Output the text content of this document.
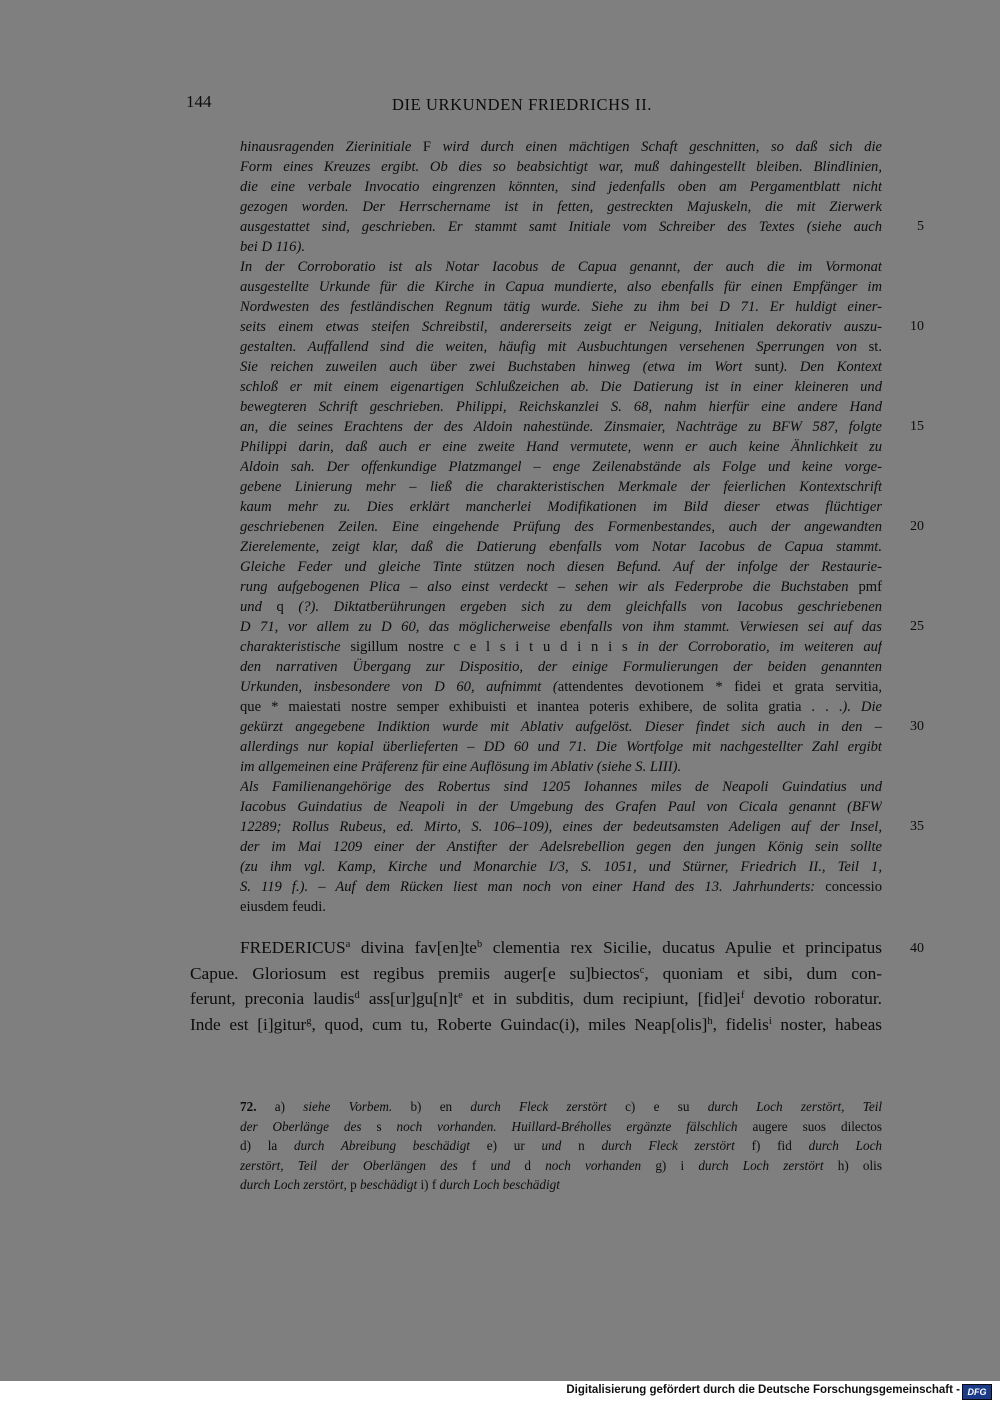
144	DIE URKUNDEN FRIEDRICHS II.
hinausragenden Zierinitiale F wird durch einen mächtigen Schaft geschnitten, so daß sich die
Form eines Kreuzes ergibt. Ob dies so beabsichtigt war, muß dahingestellt bleiben. Blindlinien,
die eine verbale Invocatio eingrenzen könnten, sind jedenfalls oben am Pergamentblatt nicht
gezogen worden. Der Herrschername ist in fetten, gestreckten Majuskeln, die mit Zierwerk
ausgestattet sind, geschrieben. Er stammt samt Initiale vom Schreiber des Textes (siehe auch
bei D 116).
In der Corroboratio ist als Notar Iacobus de Capua genannt, der auch die im Vormonat
ausgestellte Urkunde für die Kirche in Capua mundierte, also ebenfalls für einen Empfänger im
Nordwesten des festländischen Regnum tätig wurde. Siehe zu ihm bei D 71. Er huldigt einer-
seits einem etwas steifen Schreibstil, andererseits zeigt er Neigung, Initialen dekorativ auszu-
gestalten. Auffallend sind die weiten, häufig mit Ausbuchtungen versehenen Sperrungen von st.
Sie reichen zuweilen auch über zwei Buchstaben hinweg (etwa im Wort sunt). Den Kontext
schloß er mit einem eigenartigen Schlußzeichen ab. Die Datierung ist in einer kleineren und
bewegteren Schrift geschrieben. Philippi, Reichskanzlei S. 68, nahm hierfür eine andere Hand
an, die seines Erachtens der des Aldoin nahestünde. Zinsmaier, Nachträge zu BFW 587, folgte
Philippi darin, daß auch er eine zweite Hand vermutete, wenn er auch keine Ähnlichkeit zu
Aldoin sah. Der offenkundige Platzmangel – enge Zeilenabstände als Folge und keine vorge-
gebene Linierung mehr – ließ die charakteristischen Merkmale der feierlichen Kontextschrift
kaum mehr zu. Dies erklärt mancherlei Modifikationen im Bild dieser etwas flüchtiger
geschriebenen Zeilen. Eine eingehende Prüfung des Formenbestandes, auch der angewandten
Zierelemente, zeigt klar, daß die Datierung ebenfalls vom Notar Iacobus de Capua stammt.
Gleiche Feder und gleiche Tinte stützen noch diesen Befund. Auf der infolge der Restaurie-
rung aufgebogenen Plica – also einst verdeckt – sehen wir als Federprobe die Buchstaben pmf
und q (?). Diktatberührungen ergeben sich zu dem gleichfalls von Iacobus geschriebenen
D 71, vor allem zu D 60, das möglicherweise ebenfalls von ihm stammt. Verwiesen sei auf das
charakteristische sigillum nostre c e l s i t u d i n i s in der Corroboratio, im weiteren auf
den narrativen Übergang zur Dispositio, der einige Formulierungen der beiden genannten
Urkunden, insbesondere von D 60, aufnimmt (attendentes devotionem * fidei et grata servitia,
que * maiestati nostre semper exhibuisti et inantea poteris exhibere, de solita gratia . . .). Die
gekürzt angegebene Indiktion wurde mit Ablativ aufgelöst. Dieser findet sich auch in den –
allerdings nur kopial überlieferten – DD 60 und 71. Die Wortfolge mit nachgestellter Zahl ergibt
im allgemeinen eine Präferenz für eine Auflösung im Ablativ (siehe S. LIII).
Als Familienangehörige des Robertus sind 1205 Iohannes miles de Neapoli Guindatius und
Iacobus Guindatius de Neapoli in der Umgebung des Grafen Paul von Cicala genannt (BFW
12289; Rollus Rubeus, ed. Mirto, S. 106–109), eines der bedeutsamsten Adeligen auf der Insel,
der im Mai 1209 einer der Anstifter der Adelsrebellion gegen den jungen König sein sollte
(zu ihm vgl. Kamp, Kirche und Monarchie I/3, S. 1051, und Stürner, Friedrich II., Teil 1,
S. 119 f.). – Auf dem Rücken liest man noch von einer Hand des 13. Jahrhunderts: concessio
eiusdem feudi.
5
10
15
20
25
30
35
FREDERICUS$^a$ divina $fav[en]te^b$ clementia rex Sicilie, ducatus Apulie et principatus
Capue. Gloriosum est regibus premiis auger[e su]biectos$^c$, quoniam et sibi, dum con-
ferunt, preconia laudis$^d$ $ass[ur]gu[n]t^e$ et in subditis, dum recipiunt, $[fid]ei^f$ devotio roboratur.
Inde est [i]gitur$^g$, quod, cum tu, Roberte Guindac(i), miles Neap[olis]$^h$, fidelis$^i$ noster, habeas
40
72. a) siehe Vorbem. b) en durch Fleck zerstört c) e su durch Loch zerstört, Teil
der Oberlänge des s noch vorhanden. Huillard-Bréholles ergänzte fälschlich augere suos dilectos
d) la durch Abreibung beschädigt e) ur und n durch Fleck zerstört f) fid durch Loch
zerstört, Teil der Oberlängen des f und d noch vorhanden g) i durch Loch zerstört h) olis
durch Loch zerstört, p beschädigt i) f durch Loch beschädigt
Digitalisierung gefördert durch die Deutsche Forschungsgemeinschaft - DFG
